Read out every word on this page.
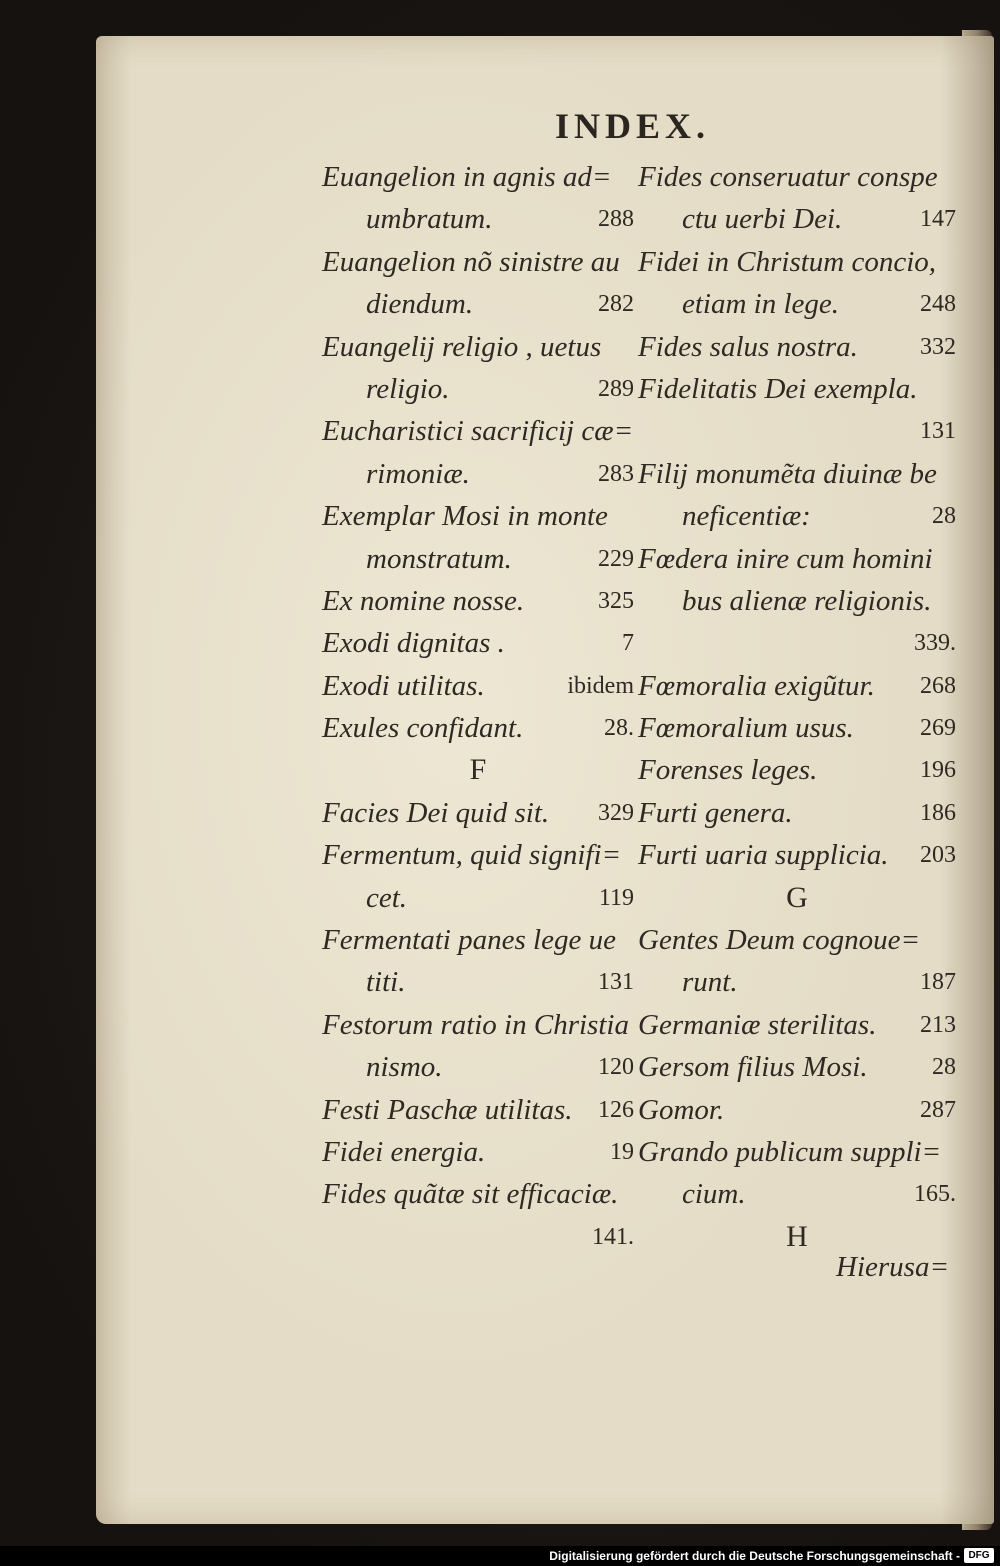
INDEX.
Euangelion in agnis ad=
umbratum.	288
Euangelion nõ sinistre au
diendum.	282
Euangelij religio , uetus
religio.	289
Eucharistici sacrificij cæ=
rimoniæ.	283
Exemplar Mosi in monte
monstratum.	229
Ex nomine nosse.	325
Exodi dignitas .	7
Exodi utilitas.	ibidem
Exules confidant.	28.
F
Facies Dei quid sit. 329
Fermentum, quid signifi=
cet.	119
Fermentati panes lege ue
titi.	131
Festorum ratio in Christia
nismo.	120
Festi Paschæ utilitas. 126
Fidei energia.	19
Fides quãtæ sit efficaciæ.
141.
Fides conseruatur conspe
ctu uerbi Dei.	147
Fidei in Christum concio,
etiam in lege.	248
Fides salus nostra.	332
Fidelitatis Dei exempla.
131
Filij monumẽta diuinæ be
neficentiæ:	28
Fœdera inire cum homini
bus alienæ religionis.
339.
Fœmoralia exigũtur. 268
Fœmoralium usus.	269
Forenses leges.	196
Furti genera.	186
Furti uaria supplicia. 203
G
Gentes Deum cognoue=
runt.	187
Germaniæ sterilitas. 213
Gersom filius Mosi.	28
Gomor.	287
Grando publicum suppli=
cium.	165.
H
Hierusa=
Digitalisierung gefördert durch die Deutsche Forschungsgemeinschaft - DFG
